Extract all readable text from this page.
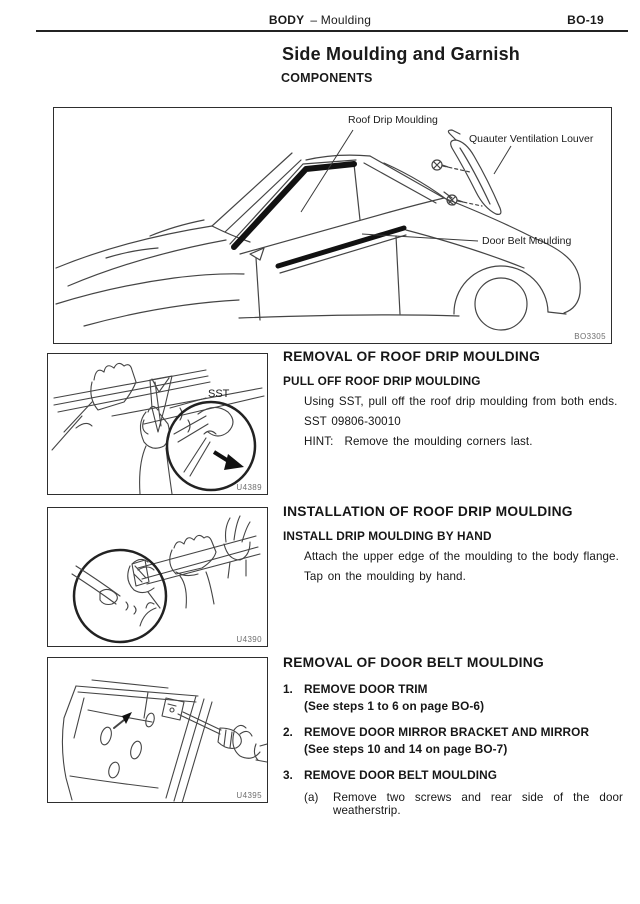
BODY – Moulding	BO-19
Side Moulding and Garnish
COMPONENTS
Roof Drip Moulding
Quauter Ventilation Louver
Door Belt Moulding
BO3305
SST
U4389
U4390
U4395
REMOVAL OF ROOF DRIP MOULDING
PULL OFF ROOF DRIP MOULDING

Using SST, pull off the roof drip moulding from both ends.

SST 09806-30010

HINT: Remove the moulding corners last.

INSTALLATION OF ROOF DRIP MOULDING
INSTALL DRIP MOULDING BY HAND

Attach the upper edge of the moulding to the body flange.

Tap on the moulding by hand.

REMOVAL OF DOOR BELT MOULDING
1. REMOVE DOOR TRIM
(See steps 1 to 6 on page BO-6)
2. REMOVE DOOR MIRROR BRACKET AND MIRROR
(See steps 10 and 14 on page BO-7)
3. REMOVE DOOR BELT MOULDING
(a)	Remove two screws and rear side of the door weatherstrip.
